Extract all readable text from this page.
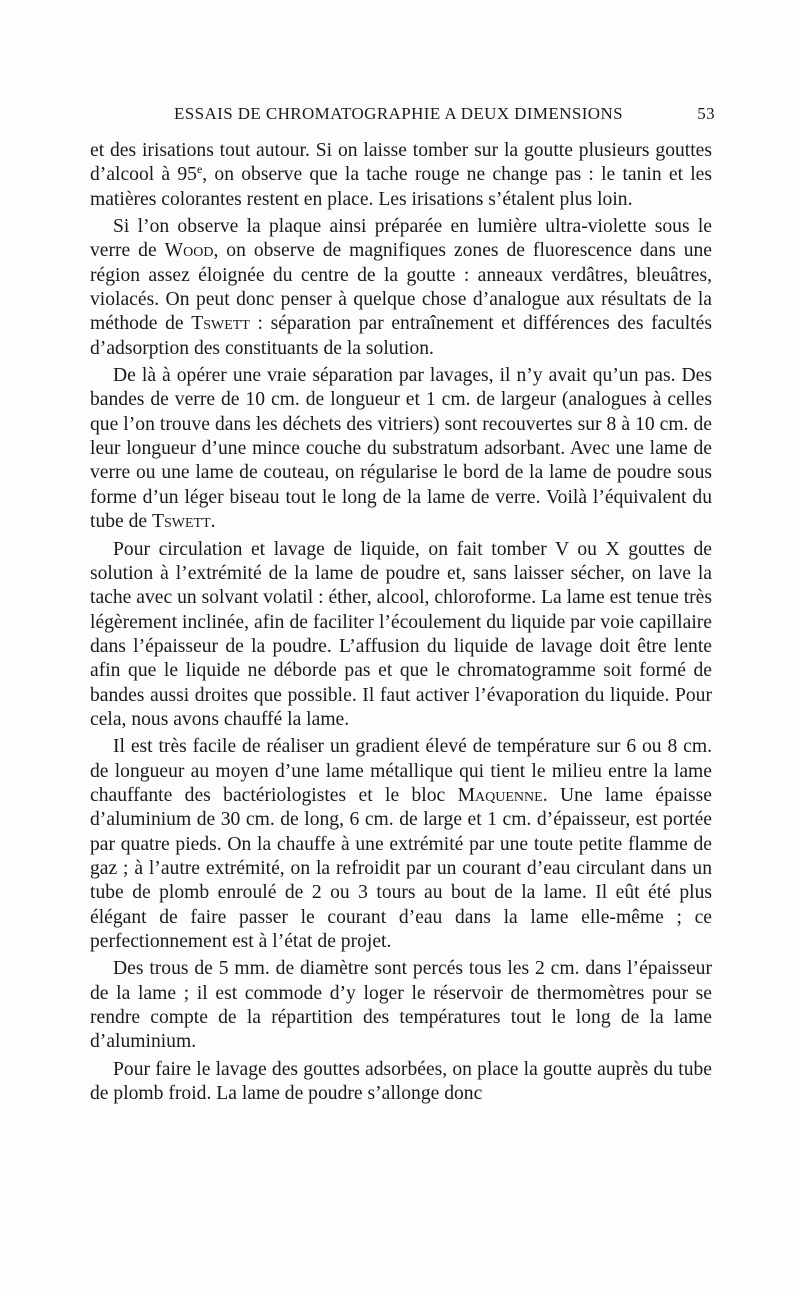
ESSAIS DE CHROMATOGRAPHIE A DEUX DIMENSIONS	53

et des irisations tout autour. Si on laisse tomber sur la goutte plusieurs gouttes d’alcool à 95e, on observe que la tache rouge ne change pas : le tanin et les matières colorantes restent en place. Les irisations s’étalent plus loin.

Si l’on observe la plaque ainsi préparée en lumière ultra-violette sous le verre de Wood, on observe de magnifiques zones de fluorescence dans une région assez éloignée du centre de la goutte : anneaux verdâtres, bleuâtres, violacés. On peut donc penser à quelque chose d’analogue aux résultats de la méthode de Tswett : séparation par entraînement et différences des facultés d’adsorption des constituants de la solution.

De là à opérer une vraie séparation par lavages, il n’y avait qu’un pas. Des bandes de verre de 10 cm. de longueur et 1 cm. de largeur (analogues à celles que l’on trouve dans les déchets des vitriers) sont recouvertes sur 8 à 10 cm. de leur longueur d’une mince couche du substratum adsorbant. Avec une lame de verre ou une lame de couteau, on régularise le bord de la lame de poudre sous forme d’un léger biseau tout le long de la lame de verre. Voilà l’équivalent du tube de Tswett.

Pour circulation et lavage de liquide, on fait tomber V ou X gouttes de solution à l’extrémité de la lame de poudre et, sans laisser sécher, on lave la tache avec un solvant volatil : éther, alcool, chloroforme. La lame est tenue très légèrement inclinée, afin de faciliter l’écoulement du liquide par voie capillaire dans l’épaisseur de la poudre. L’affusion du liquide de lavage doit être lente afin que le liquide ne déborde pas et que le chromatogramme soit formé de bandes aussi droites que possible. Il faut activer l’évaporation du liquide. Pour cela, nous avons chauffé la lame.

Il est très facile de réaliser un gradient élevé de température sur 6 ou 8 cm. de longueur au moyen d’une lame métallique qui tient le milieu entre la lame chauffante des bactériologistes et le bloc Maquenne. Une lame épaisse d’aluminium de 30 cm. de long, 6 cm. de large et 1 cm. d’épaisseur, est portée par quatre pieds. On la chauffe à une extrémité par une toute petite flamme de gaz ; à l’autre extrémité, on la refroidit par un courant d’eau circulant dans un tube de plomb enroulé de 2 ou 3 tours au bout de la lame. Il eût été plus élégant de faire passer le courant d’eau dans la lame elle-même ; ce perfectionnement est à l’état de projet.

Des trous de 5 mm. de diamètre sont percés tous les 2 cm. dans l’épaisseur de la lame ; il est commode d’y loger le réservoir de thermomètres pour se rendre compte de la répartition des températures tout le long de la lame d’aluminium.

Pour faire le lavage des gouttes adsorbées, on place la goutte auprès du tube de plomb froid. La lame de poudre s’allonge donc
